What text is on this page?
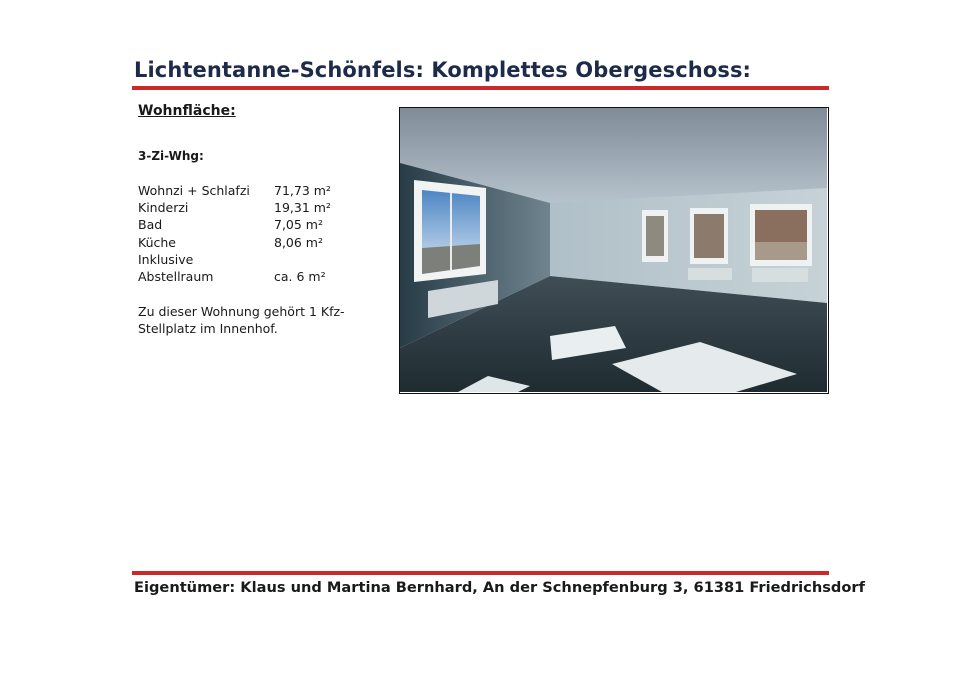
Lichtentanne-Schönfels: Komplettes Obergeschoss:
Wohnfläche:
3-Zi-Whg:
Wohnzi + Schlafzi	71,73 m²
Kinderzi	19,31 m²
Bad	7,05 m²
Küche	8,06 m²
Inklusive
Abstellraum	ca. 6 m²
Zu dieser Wohnung gehört 1 Kfz-Stellplatz im Innenhof.
Eigentümer: Klaus und Martina Bernhard, An der Schnepfenburg 3, 61381 Friedrichsdorf
